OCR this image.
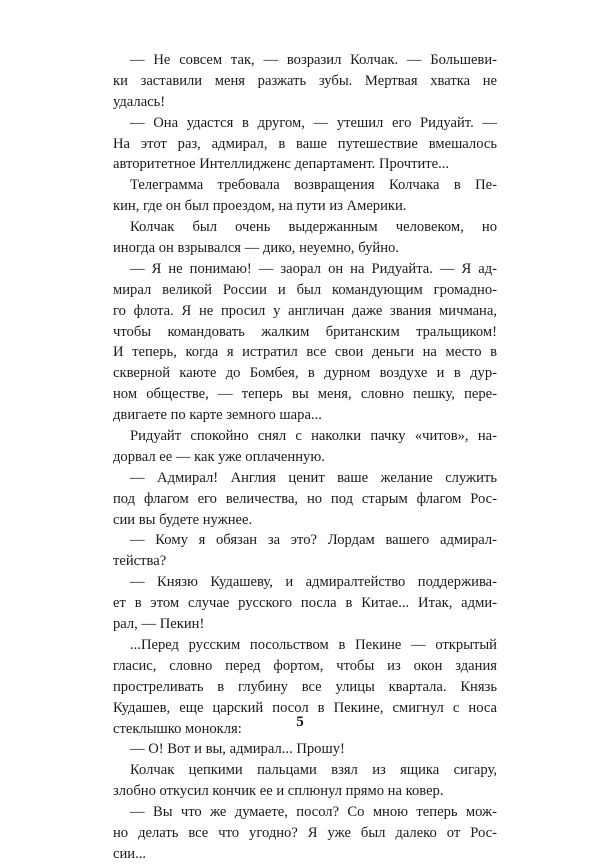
— Не совсем так, — возразил Колчак. — Большеви-
ки заставили меня разжать зубы. Мертвая хватка не
удалась!
— Она удастся в другом, — утешил его Ридуайт. —
На этот раз, адмирал, в ваше путешествие вмешалось
авторитетное Интеллидженс департамент. Прочтите...
Телеграмма требовала возвращения Колчака в Пе-
кин, где он был проездом, на пути из Америки.
Колчак был очень выдержанным человеком, но
иногда он взрывался — дико, неуемно, буйно.
— Я не понимаю! — заорал он на Ридуайта. — Я ад-
мирал великой России и был командующим громадно-
го флота. Я не просил у англичан даже звания мичмана,
чтобы командовать жалким британским тральщиком!
И теперь, когда я истратил все свои деньги на место в
скверной каюте до Бомбея, в дурном воздухе и в дур-
ном обществе, — теперь вы меня, словно пешку, пере-
двигаете по карте земного шара...
Ридуайт спокойно снял с наколки пачку «читов», на-
дорвал ее — как уже оплаченную.
— Адмирал! Англия ценит ваше желание служить
под флагом его величества, но под старым флагом Рос-
сии вы будете нужнее.
— Кому я обязан за это? Лордам вашего адмирал-
тейства?
— Князю Кудашеву, и адмиралтейство поддержива-
ет в этом случае русского посла в Китае... Итак, адми-
рал, — Пекин!
...Перед русским посольством в Пекине — открытый
гласис, словно перед фортом, чтобы из окон здания
простреливать в глубину все улицы квартала. Князь
Кудашев, еще царский посол в Пекине, смигнул с носа
стеклышко монокля:
— О! Вот и вы, адмирал... Прошу!
Колчак цепкими пальцами взял из ящика сигару,
злобно откусил кончик ее и сплюнул прямо на ковер.
— Вы что же думаете, посол? Со мною теперь мож-
но делать все что угодно? Я уже был далеко от Рос-
сии...
5
